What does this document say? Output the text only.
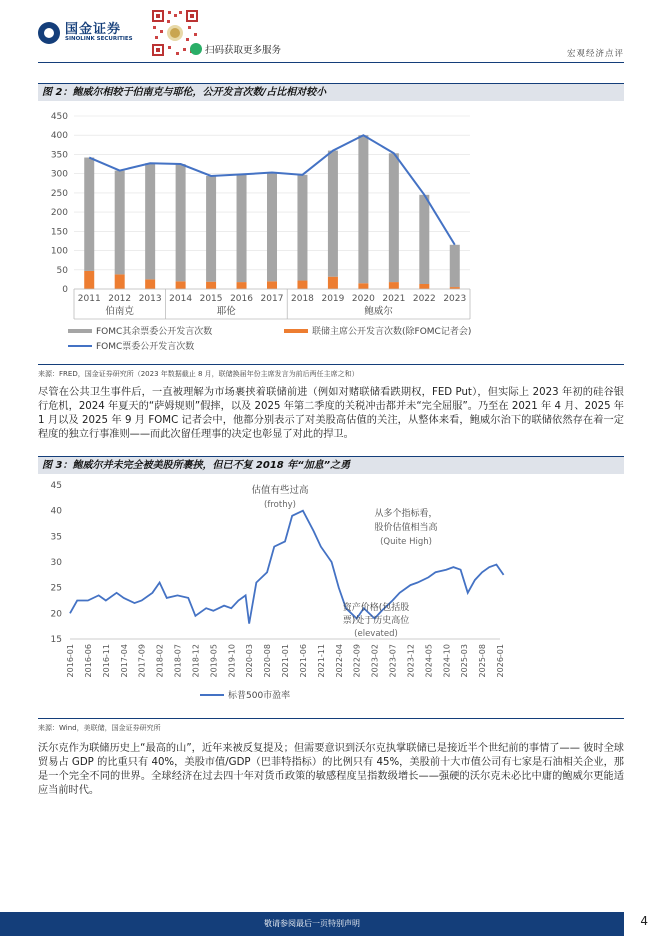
国金证券
SINOLINK SECURITIES
扫码获取更多服务	宏观经济点评
图 2：鲍威尔相较于伯南克与耶伦，公开发言次数/占比相对较小
0
50
100
150
200
250
300
350
400
450
2011 2012 2013 2014 2015 2016 2017 2018 2019 2020 2021 2022 2023
伯南克	耶伦	鲍威尔
FOMC其余票委公开发言次数	联储主席公开发言次数(除FOMC记者会)
FOMC票委公开发言次数
来源：FRED，国金证券研究所（2023 年数据截止 8 月，联储换届年份主席发言为前后两任主席之和）

尽管在公共卫生事件后，一直被理解为市场裹挟着联储前进（例如对赌联储看跌期权，FED Put），但实际上 2023 年初的硅谷银行危机，2024 年夏天的“萨姆规则”假摔，以及 2025 年第二季度的关税冲击都并未“完全屈服”。乃至在 2021 年 4 月、2025 年 1 月以及 2025 年 9 月 FOMC 记者会中，他都分别表示了对美股高估值的关注，从整体来看，鲍威尔治下的联储依然存在着一定程度的独立行事准则——而此次留任理事的决定也彰显了对此的捍卫。

图 3：鲍威尔并未完全被美股所裹挟，但已不复 2018 年“加息”之勇
15
20
25
30
35
40
45
2016-01 2016-06 2016-11 2017-04 2017-09 2018-02 2018-07 2018-12 2019-05 2019-10 2020-03 2020-08 2021-01 2021-06 2021-11 2022-04 2022-09 2023-02 2023-07 2023-12 2024-05 2024-10 2025-03 2025-08 2026-01
估值有些过高
(frothy)
从多个指标看，
股价估值相当高
(Quite High)
资产价格(包括股
票)处于历史高位
(elevated)
标普500市盈率
来源：Wind，美联储，国金证券研究所

沃尔克作为联储历史上“最高的山”，近年来被反复提及；但需要意识到沃尔克执掌联储已是接近半个世纪前的事情了—— 彼时全球贸易占 GDP 的比重只有 40%，美股市值/GDP（巴菲特指标）的比例只有 45%，美股前十大市值公司有七家是石油相关企业，那是一个完全不同的世界。全球经济在过去四十年对货币政策的敏感程度呈指数级增长——强硬的沃尔克未必比中庸的鲍威尔更能适应当前时代。

敬请参阅最后一页特别声明	4
